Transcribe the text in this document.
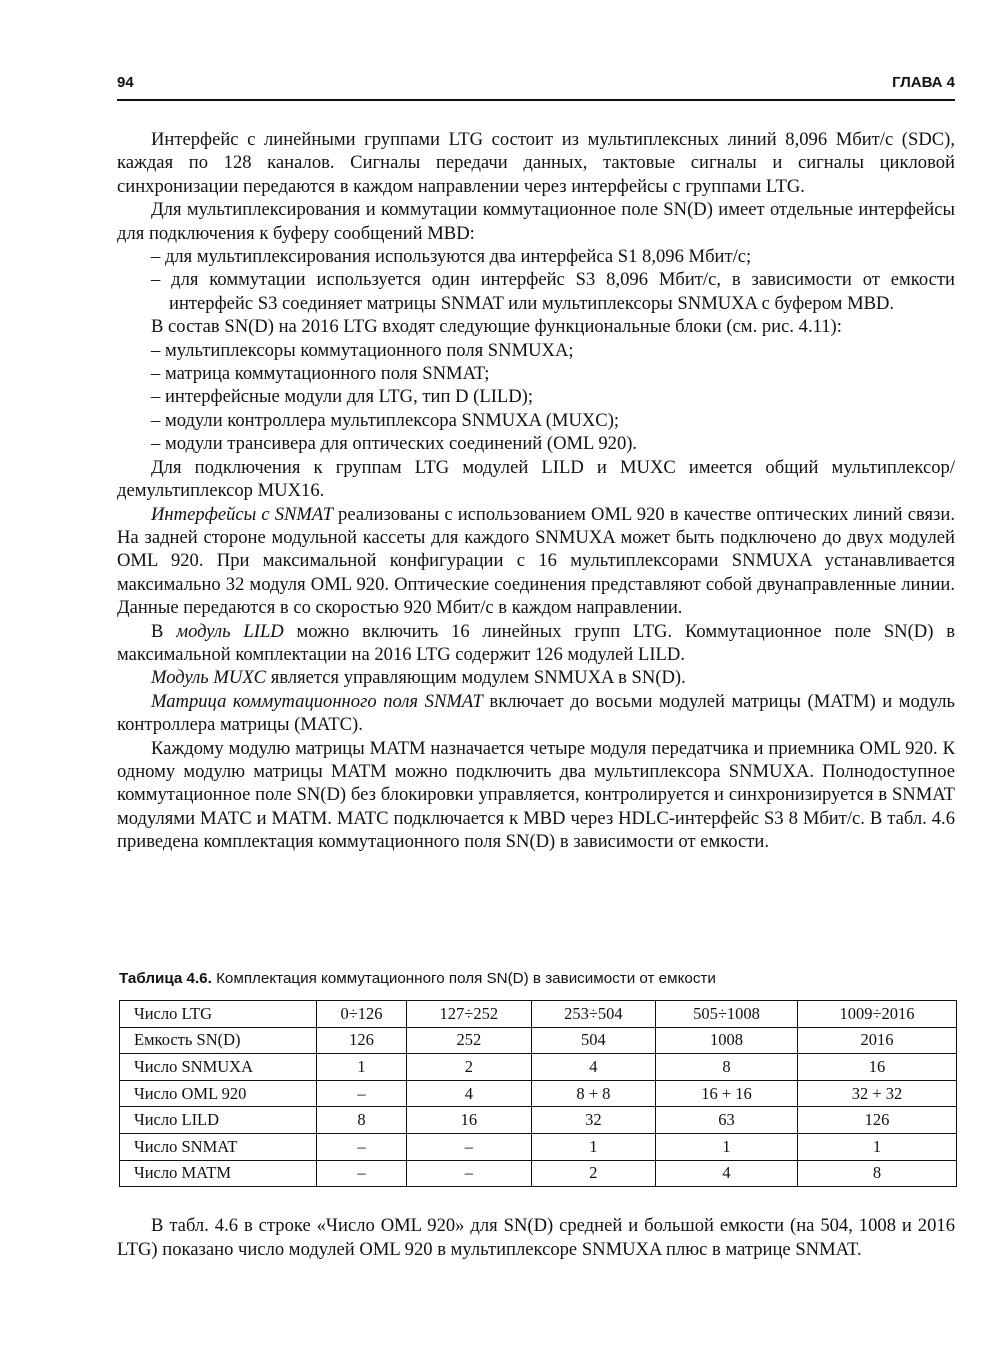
94	ГЛАВА 4

Интерфейс с линейными группами LTG состоит из мультиплексных линий 8,096 Мбит/с (SDC), каждая по 128 каналов. Сигналы передачи данных, тактовые сигналы и сигналы цикловой синхронизации передаются в каждом направлении через интерфейсы с группами LTG.

Для мультиплексирования и коммутации коммутационное поле SN(D) имеет отдельные интерфейсы для подключения к буферу сообщений MBD:

– для мультиплексирования используются два интерфейса S1 8,096 Мбит/с;

– для коммутации используется один интерфейс S3 8,096 Мбит/с, в зависимости от емкости интерфейс S3 соединяет матрицы SNMAT или мультиплексоры SNMUXA с буфером MBD.

В состав SN(D) на 2016 LTG входят следующие функциональные блоки (см. рис. 4.11):

– мультиплексоры коммутационного поля SNMUXA;

– матрица коммутационного поля SNMAT;

– интерфейсные модули для LTG, тип D (LILD);

– модули контроллера мультиплексора SNMUXA (MUXC);

– модули трансивера для оптических соединений (OML 920).

Для подключения к группам LTG модулей LILD и MUXC имеется общий мультиплексор/демультиплексор MUX16.

Интерфейсы с SNMAT реализованы с использованием OML 920 в качестве оптических линий связи. На задней стороне модульной кассеты для каждого SNMUXA может быть подключено до двух модулей OML 920. При максимальной конфигурации с 16 мультиплексорами SNMUXA устанавливается максимально 32 модуля OML 920. Оптические соединения представляют собой двунаправленные линии. Данные передаются в со скоростью 920 Мбит/с в каждом направлении.

В модуль LILD можно включить 16 линейных групп LTG. Коммутационное поле SN(D) в максимальной комплектации на 2016 LTG содержит 126 модулей LILD.

Модуль MUXC является управляющим модулем SNMUXA в SN(D).

Матрица коммутационного поля SNMAT включает до восьми модулей матрицы (MATM) и модуль контроллера матрицы (MATC).

Каждому модулю матрицы MATM назначается четыре модуля передатчика и приемника OML 920. К одному модулю матрицы MATM можно подключить два мультиплексора SNMUXA. Полнодоступное коммутационное поле SN(D) без блокировки управляется, контролируется и синхронизируется в SNMAT модулями MATC и MATM. MATC подключается к MBD через HDLC-интерфейс S3 8 Мбит/с. В табл. 4.6 приведена комплектация коммутационного поля SN(D) в зависимости от емкости.

Таблица 4.6. Комплектация коммутационного поля SN(D) в зависимости от емкости
Число LTG	0÷126	127÷252	253÷504	505÷1008	1009÷2016
Емкость SN(D)	126	252	504	1008	2016
Число SNMUXA	1	2	4	8	16
Число OML 920	–	4	8 + 8	16 + 16	32 + 32
Число LILD	8	16	32	63	126
Число SNMAT	–	–	1	1	1
Число MATM	–	–	2	4	8

В табл. 4.6 в строке «Число OML 920» для SN(D) средней и большой емкости (на 504, 1008 и 2016 LTG) показано число модулей OML 920 в мультиплексоре SNMUXA плюс в матрице SNMAT.
